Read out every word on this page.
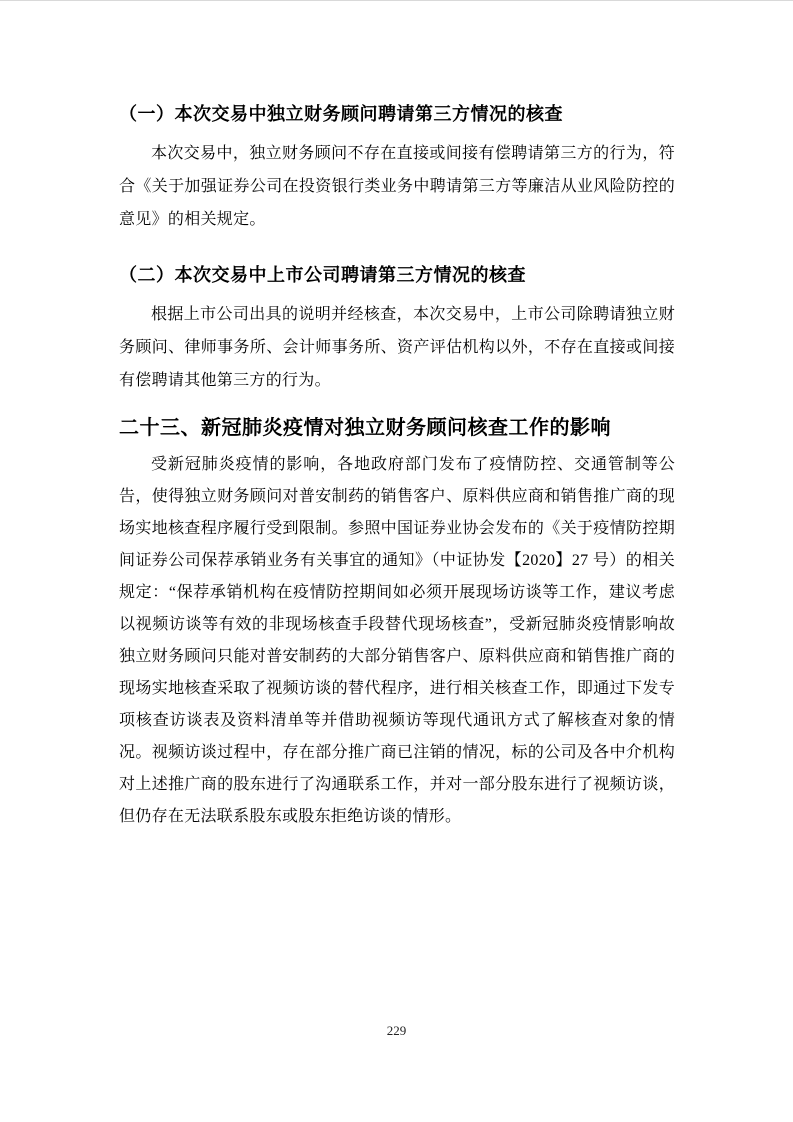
（一）本次交易中独立财务顾问聘请第三方情况的核查

本次交易中，独立财务顾问不存在直接或间接有偿聘请第三方的行为，符合《关于加强证券公司在投资银行类业务中聘请第三方等廉洁从业风险防控的意见》的相关规定。

（二）本次交易中上市公司聘请第三方情况的核查

根据上市公司出具的说明并经核查，本次交易中，上市公司除聘请独立财务顾问、律师事务所、会计师事务所、资产评估机构以外，不存在直接或间接有偿聘请其他第三方的行为。

二十三、新冠肺炎疫情对独立财务顾问核查工作的影响

受新冠肺炎疫情的影响，各地政府部门发布了疫情防控、交通管制等公告，使得独立财务顾问对普安制药的销售客户、原料供应商和销售推广商的现场实地核查程序履行受到限制。参照中国证券业协会发布的《关于疫情防控期间证券公司保荐承销业务有关事宜的通知》（中证协发【2020】27 号）的相关规定：“保荐承销机构在疫情防控期间如必须开展现场访谈等工作，建议考虑以视频访谈等有效的非现场核查手段替代现场核查”，受新冠肺炎疫情影响故独立财务顾问只能对普安制药的大部分销售客户、原料供应商和销售推广商的现场实地核查采取了视频访谈的替代程序，进行相关核查工作，即通过下发专项核查访谈表及资料清单等并借助视频访等现代通讯方式了解核查对象的情况。视频访谈过程中，存在部分推广商已注销的情况，标的公司及各中介机构对上述推广商的股东进行了沟通联系工作，并对一部分股东进行了视频访谈，但仍存在无法联系股东或股东拒绝访谈的情形。

229
